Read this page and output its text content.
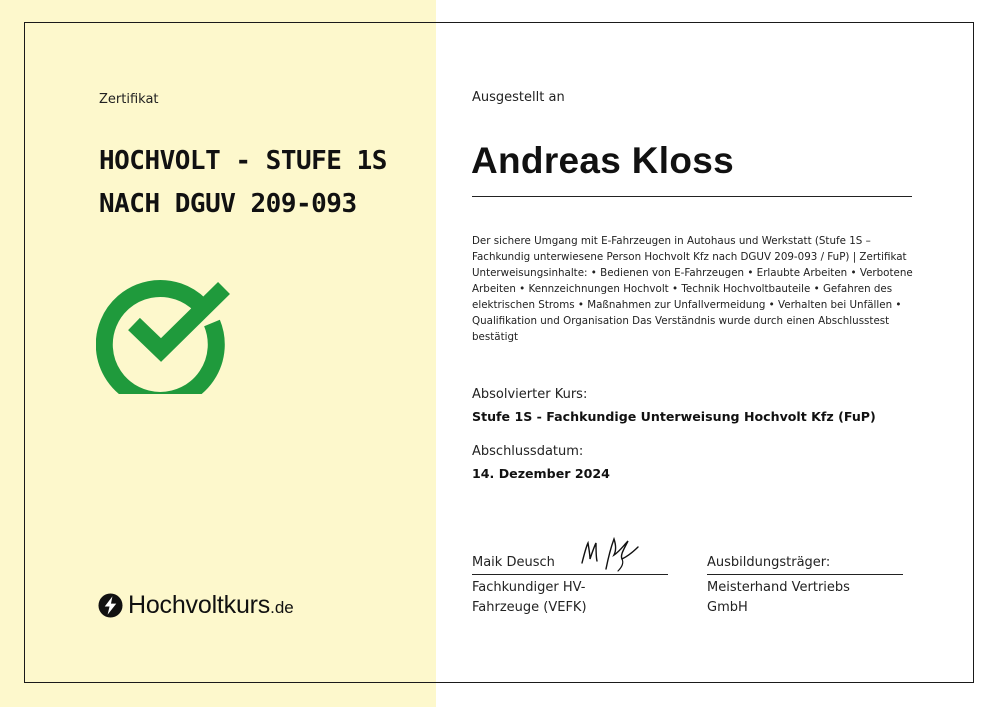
Zertifikat
HOCHVOLT - STUFE 1S
NACH DGUV 209-093
Hochvoltkurs .de
Ausgestellt an
Andreas Kloss
Der sichere Umgang mit E-Fahrzeugen in Autohaus und Werkstatt (Stufe 1S – Fachkundig unterwiesene Person Hochvolt Kfz nach DGUV 209-093 / FuP) | Zertifikat Unterweisungsinhalte: • Bedienen von E-Fahrzeugen • Erlaubte Arbeiten • Verbotene Arbeiten • Kennzeichnungen Hochvolt • Technik Hochvoltbauteile • Gefahren des elektrischen Stroms • Maßnahmen zur Unfallvermeidung • Verhalten bei Unfällen • Qualifikation und Organisation Das Verständnis wurde durch einen Abschlusstest bestätigt
Absolvierter Kurs:
Stufe 1S - Fachkundige Unterweisung Hochvolt Kfz (FuP)
Abschlussdatum:
14. Dezember 2024
Maik Deusch
Fachkundiger HV-Fahrzeuge (VEFK)
Ausbildungsträger:
Meisterhand Vertriebs GmbH
